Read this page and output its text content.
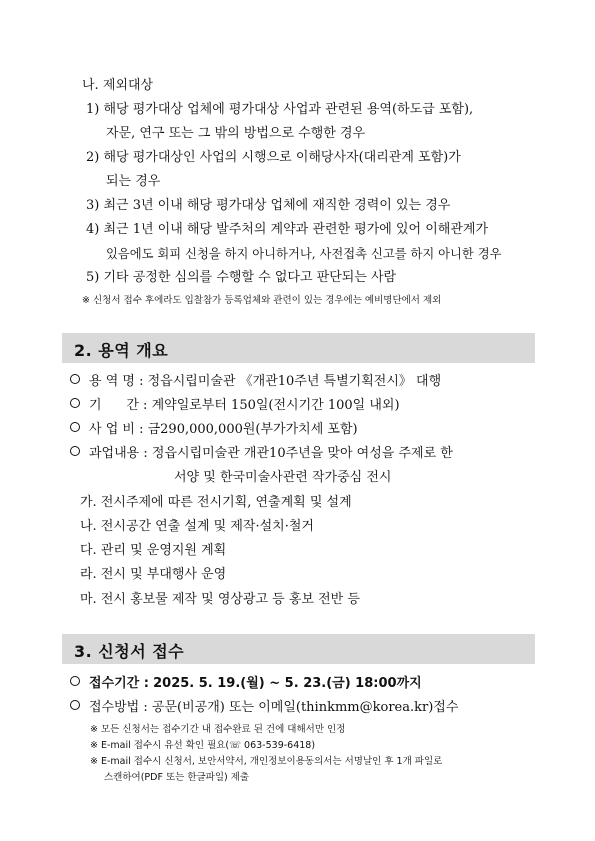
나. 제외대상
1) 해당 평가대상 업체에 평가대상 사업과 관련된 용역(하도급 포함),
자문, 연구 또는 그 밖의 방법으로 수행한 경우
2) 해당 평가대상인 사업의 시행으로 이해당사자(대리관계 포함)가
되는 경우
3) 최근 3년 이내 해당 평가대상 업체에 재직한 경력이 있는 경우
4) 최근 1년 이내 해당 발주처의 계약과 관련한 평가에 있어 이해관계가
있음에도 회피 신청을 하지 아니하거나, 사전접촉 신고를 하지 아니한 경우
5) 기타 공정한 심의를 수행할 수 없다고 판단되는 사람
※ 신청서 접수 후에라도 입찰참가 등록업체와 관련이 있는 경우에는 예비명단에서 제외
2. 용역 개요
용 역 명 : 정읍시립미술관 《개관10주년 특별기획전시》 대행
기      간 : 계약일로부터 150일(전시기간 100일 내외)
사 업 비 : 금290,000,000원(부가가치세 포함)
과업내용 : 정읍시립미술관 개관10주년을 맞아 여성을 주제로 한
서양 및 한국미술사관련 작가중심 전시
가. 전시주제에 따른 전시기획, 연출계획 및 설계
나. 전시공간 연출 설계 및 제작·설치·철거
다. 관리 및 운영지원 계획
라. 전시 및 부대행사 운영
마. 전시 홍보물 제작 및 영상광고 등 홍보 전반 등
3. 신청서 접수
접수기간 : 2025. 5. 19.(월) ~ 5. 23.(금) 18:00까지
접수방법 : 공문(비공개) 또는 이메일(thinkmm@korea.kr)접수
※ 모든 신청서는 접수기간 내 접수완료 된 건에 대해서만 인정
※ E-mail 접수시 유선 확인 필요(☏ 063-539-6418)
※ E-mail 접수시 신청서, 보안서약서, 개인정보이용동의서는 서명날인 후 1개 파일로
스캔하여(PDF 또는 한글파일) 제출
